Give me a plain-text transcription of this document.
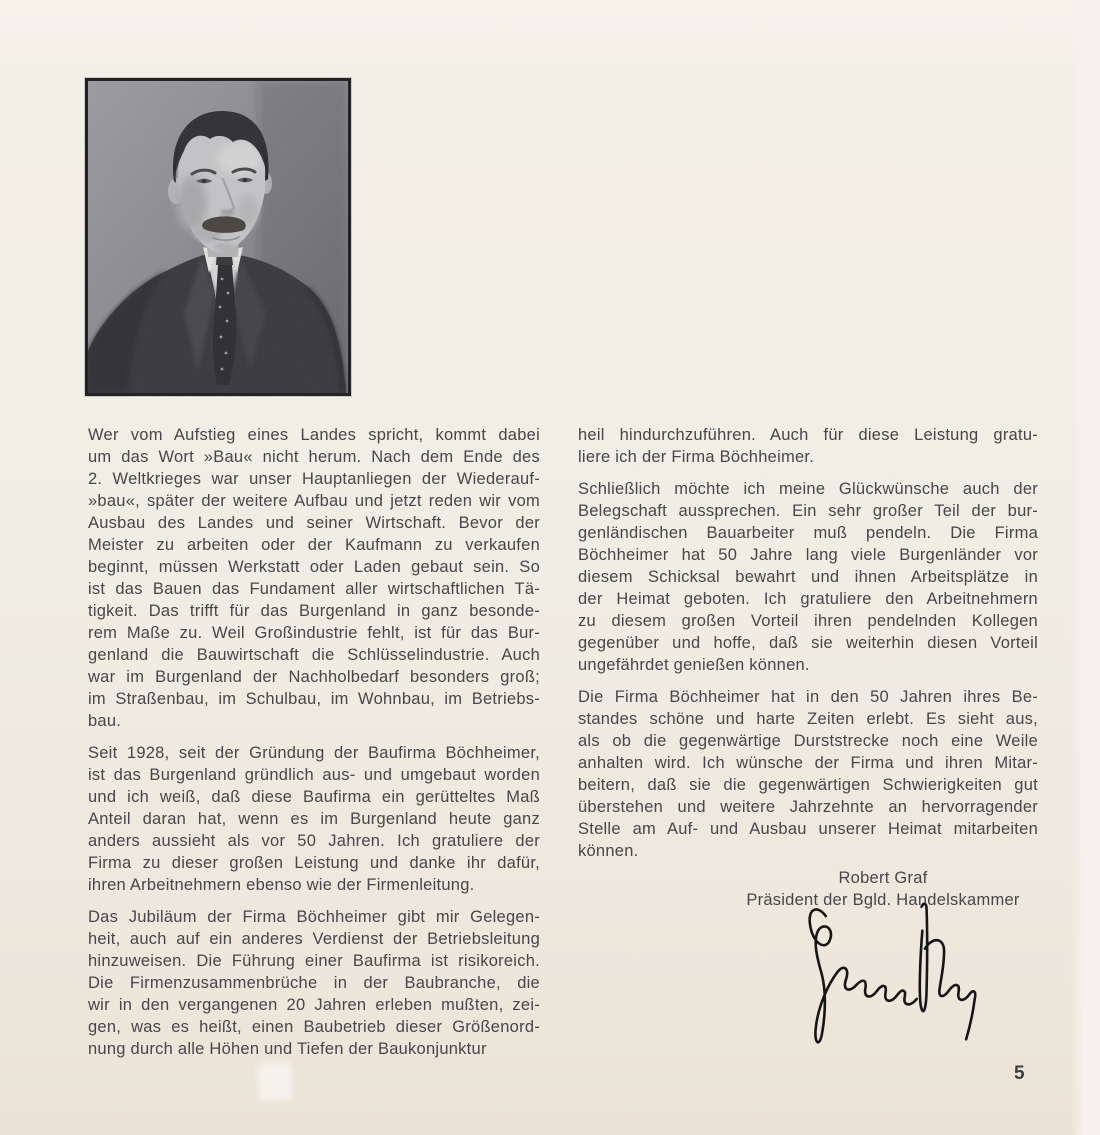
Wer vom Aufstieg eines Landes spricht, kommt dabei
um das Wort »Bau« nicht herum. Nach dem Ende des
2. Weltkrieges war unser Hauptanliegen der Wiederauf-
»bau«, später der weitere Aufbau und jetzt reden wir vom
Ausbau des Landes und seiner Wirtschaft. Bevor der
Meister zu arbeiten oder der Kaufmann zu verkaufen
beginnt, müssen Werkstatt oder Laden gebaut sein. So
ist das Bauen das Fundament aller wirtschaftlichen Tä-
tigkeit. Das trifft für das Burgenland in ganz besonde-
rem Maße zu. Weil Großindustrie fehlt, ist für das Bur-
genland die Bauwirtschaft die Schlüsselindustrie. Auch
war im Burgenland der Nachholbedarf besonders groß;
im Straßenbau, im Schulbau, im Wohnbau, im Betriebs-
bau.
Seit 1928, seit der Gründung der Baufirma Böchheimer,
ist das Burgenland gründlich aus- und umgebaut worden
und ich weiß, daß diese Baufirma ein gerütteltes Maß
Anteil daran hat, wenn es im Burgenland heute ganz
anders aussieht als vor 50 Jahren. Ich gratuliere der
Firma zu dieser großen Leistung und danke ihr dafür,
ihren Arbeitnehmern ebenso wie der Firmenleitung.
Das Jubiläum der Firma Böchheimer gibt mir Gelegen-
heit, auch auf ein anderes Verdienst der Betriebsleitung
hinzuweisen. Die Führung einer Baufirma ist risikoreich.
Die Firmenzusammenbrüche in der Baubranche, die
wir in den vergangenen 20 Jahren erleben mußten, zei-
gen, was es heißt, einen Baubetrieb dieser Größenord-
nung durch alle Höhen und Tiefen der Baukonjunktur
heil hindurchzuführen. Auch für diese Leistung gratu-
liere ich der Firma Böchheimer.
Schließlich möchte ich meine Glückwünsche auch der
Belegschaft aussprechen. Ein sehr großer Teil der bur-
genländischen Bauarbeiter muß pendeln. Die Firma
Böchheimer hat 50 Jahre lang viele Burgenländer vor
diesem Schicksal bewahrt und ihnen Arbeitsplätze in
der Heimat geboten. Ich gratuliere den Arbeitnehmern
zu diesem großen Vorteil ihren pendelnden Kollegen
gegenüber und hoffe, daß sie weiterhin diesen Vorteil
ungefährdet genießen können.
Die Firma Böchheimer hat in den 50 Jahren ihres Be-
standes schöne und harte Zeiten erlebt. Es sieht aus,
als ob die gegenwärtige Durststrecke noch eine Weile
anhalten wird. Ich wünsche der Firma und ihren Mitar-
beitern, daß sie die gegenwärtigen Schwierigkeiten gut
überstehen und weitere Jahrzehnte an hervorragender
Stelle am Auf- und Ausbau unserer Heimat mitarbeiten
können.
Robert Graf
Präsident der Bgld. Handelskammer
5
